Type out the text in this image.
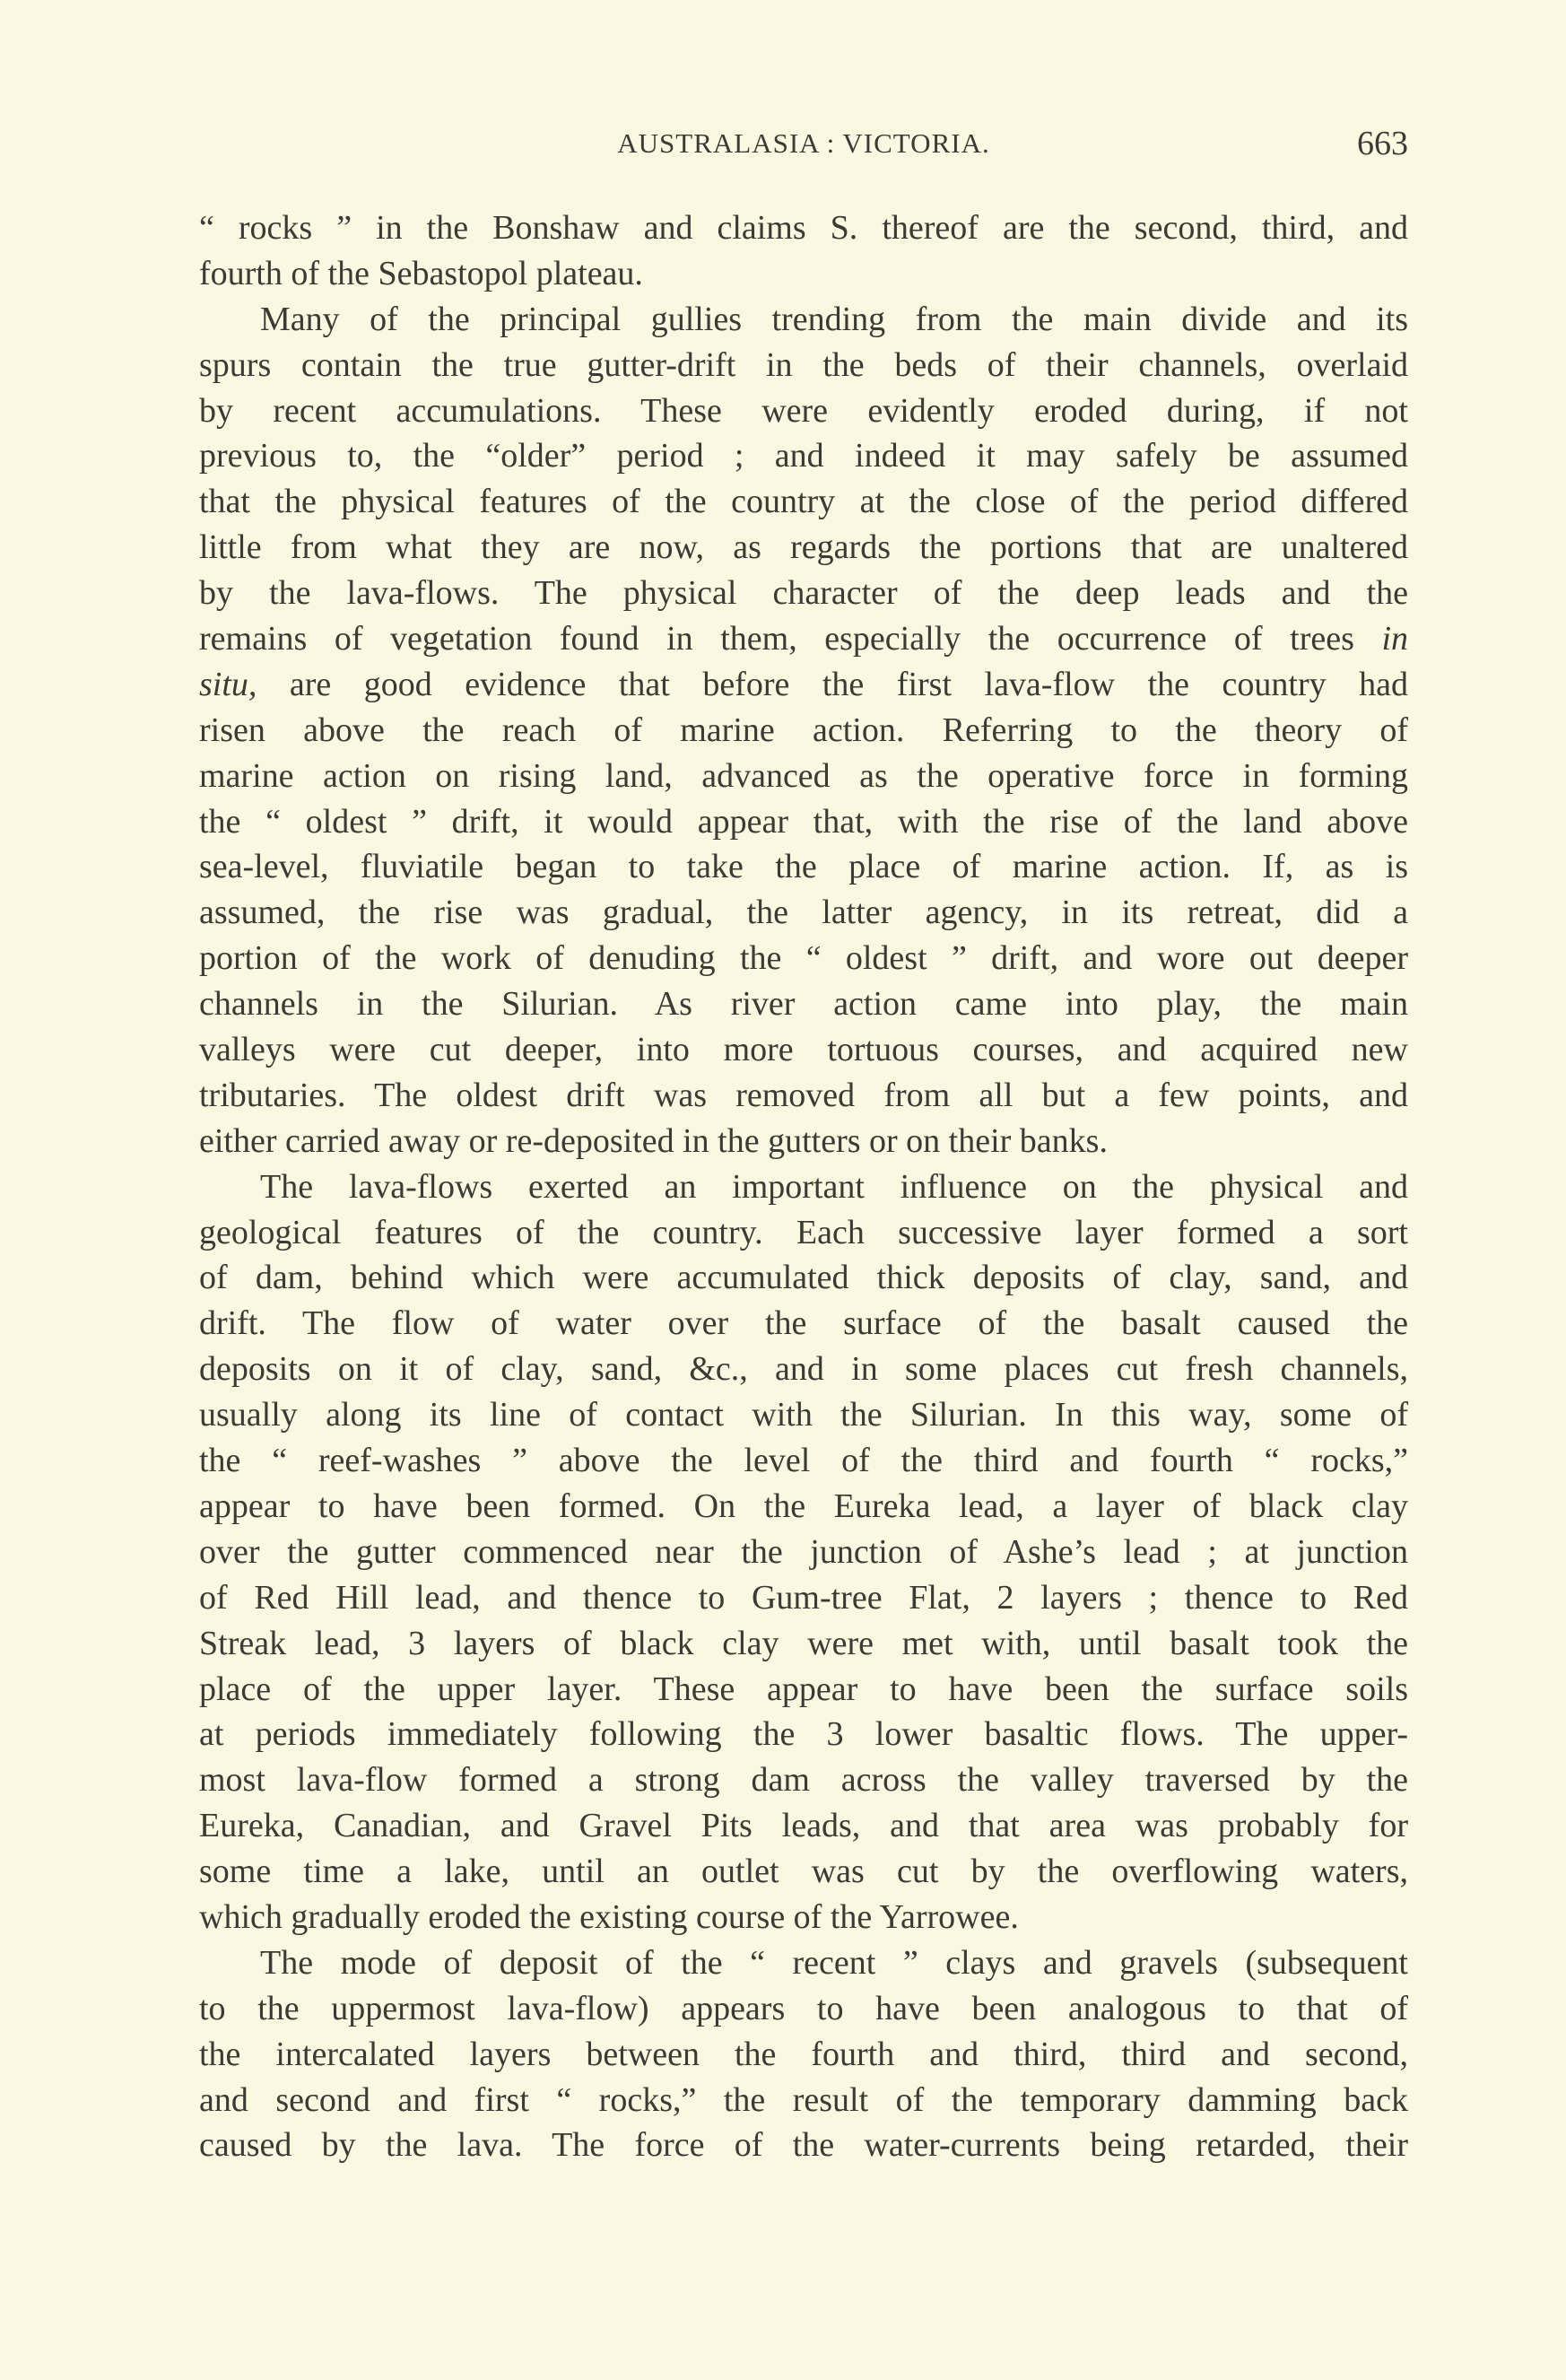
AUSTRALASIA : VICTORIA.	663
“ rocks ” in the Bonshaw and claims S. thereof are the second, third, and
fourth of the Sebastopol plateau.
Many of the principal gullies trending from the main divide and its
spurs contain the true gutter-drift in the beds of their channels, overlaid
by recent accumulations. These were evidently eroded during, if not
previous to, the “older” period ; and indeed it may safely be assumed
that the physical features of the country at the close of the period differed
little from what they are now, as regards the portions that are unaltered
by the lava-flows. The physical character of the deep leads and the
remains of vegetation found in them, especially the occurrence of trees in
situ, are good evidence that before the first lava-flow the country had
risen above the reach of marine action. Referring to the theory of
marine action on rising land, advanced as the operative force in forming
the “ oldest ” drift, it would appear that, with the rise of the land above
sea-level, fluviatile began to take the place of marine action. If, as is
assumed, the rise was gradual, the latter agency, in its retreat, did a
portion of the work of denuding the “ oldest ” drift, and wore out deeper
channels in the Silurian. As river action came into play, the main
valleys were cut deeper, into more tortuous courses, and acquired new
tributaries. The oldest drift was removed from all but a few points, and
either carried away or re-deposited in the gutters or on their banks.
The lava-flows exerted an important influence on the physical and
geological features of the country. Each successive layer formed a sort
of dam, behind which were accumulated thick deposits of clay, sand, and
drift. The flow of water over the surface of the basalt caused the
deposits on it of clay, sand, &c., and in some places cut fresh channels,
usually along its line of contact with the Silurian. In this way, some of
the “ reef-washes ” above the level of the third and fourth “ rocks,”
appear to have been formed. On the Eureka lead, a layer of black clay
over the gutter commenced near the junction of Ashe’s lead ; at junction
of Red Hill lead, and thence to Gum-tree Flat, 2 layers ; thence to Red
Streak lead, 3 layers of black clay were met with, until basalt took the
place of the upper layer. These appear to have been the surface soils
at periods immediately following the 3 lower basaltic flows. The upper-
most lava-flow formed a strong dam across the valley traversed by the
Eureka, Canadian, and Gravel Pits leads, and that area was probably for
some time a lake, until an outlet was cut by the overflowing waters,
which gradually eroded the existing course of the Yarrowee.
The mode of deposit of the “ recent ” clays and gravels (subsequent
to the uppermost lava-flow) appears to have been analogous to that of
the intercalated layers between the fourth and third, third and second,
and second and first “ rocks,” the result of the temporary damming back
caused by the lava. The force of the water-currents being retarded, their
